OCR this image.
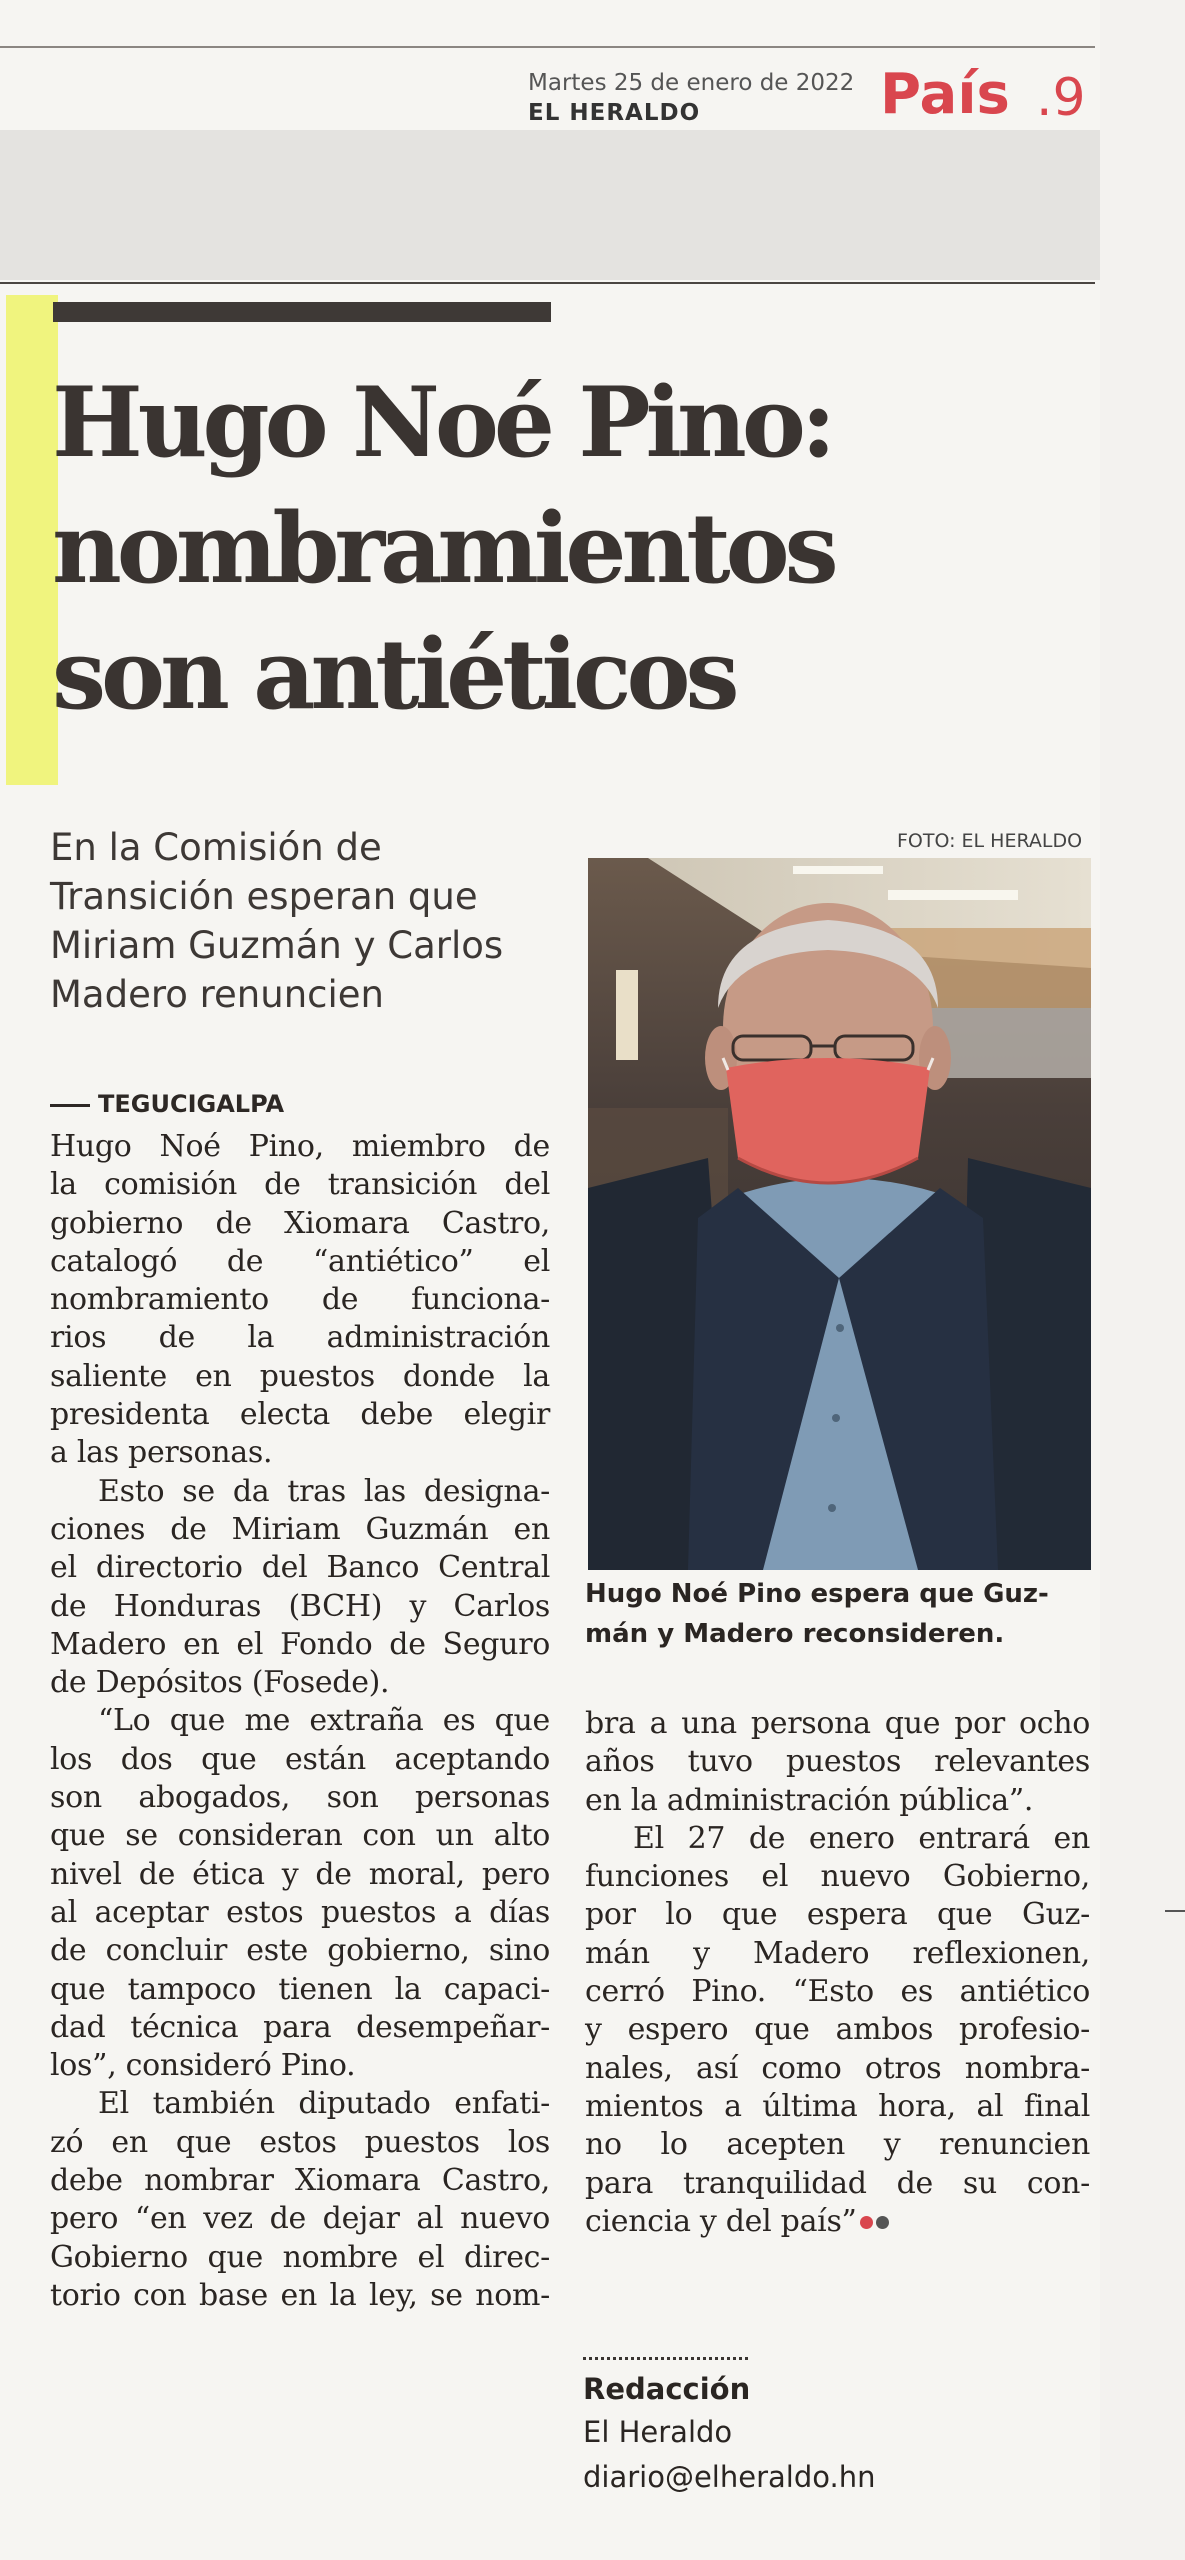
Martes 25 de enero de 2022
EL HERALDO	País .9
Hugo Noé Pino:
nombramientos
son antiéticos
En la Comisión de
Transición esperan que
Miriam Guzmán y Carlos
Madero renuncien
FOTO: EL HERALDO
Hugo Noé Pino espera que Guz-
mán y Madero reconsideren.
TEGUCIGALPA
Hugo Noé Pino, miembro de
la comisión de transición del
gobierno de Xiomara Castro,
catalogó de “antiético” el
nombramiento de funciona-
rios de la administración
saliente en puestos donde la
presidenta electa debe elegir
a las personas.
Esto se da tras las designa-
ciones de Miriam Guzmán en
el directorio del Banco Central
de Honduras (BCH) y Carlos
Madero en el Fondo de Seguro
de Depósitos (Fosede).
“Lo que me extraña es que
los dos que están aceptando
son abogados, son personas
que se consideran con un alto
nivel de ética y de moral, pero
al aceptar estos puestos a días
de concluir este gobierno, sino
que tampoco tienen la capaci-
dad técnica para desempeñar-
los”, consideró Pino.
El también diputado enfati-
zó en que estos puestos los
debe nombrar Xiomara Castro,
pero “en vez de dejar al nuevo
Gobierno que nombre el direc-
torio con base en la ley, se nom-
bra a una persona que por ocho
años tuvo puestos relevantes
en la administración pública”.
El 27 de enero entrará en
funciones el nuevo Gobierno,
por lo que espera que Guz-
mán y Madero reflexionen,
cerró Pino. “Esto es antiético
y espero que ambos profesio-
nales, así como otros nombra-
mientos a última hora, al final
no lo acepten y renuncien
para tranquilidad de su con-
ciencia y del país”
Redacción
El Heraldo
diario@elheraldo.hn
